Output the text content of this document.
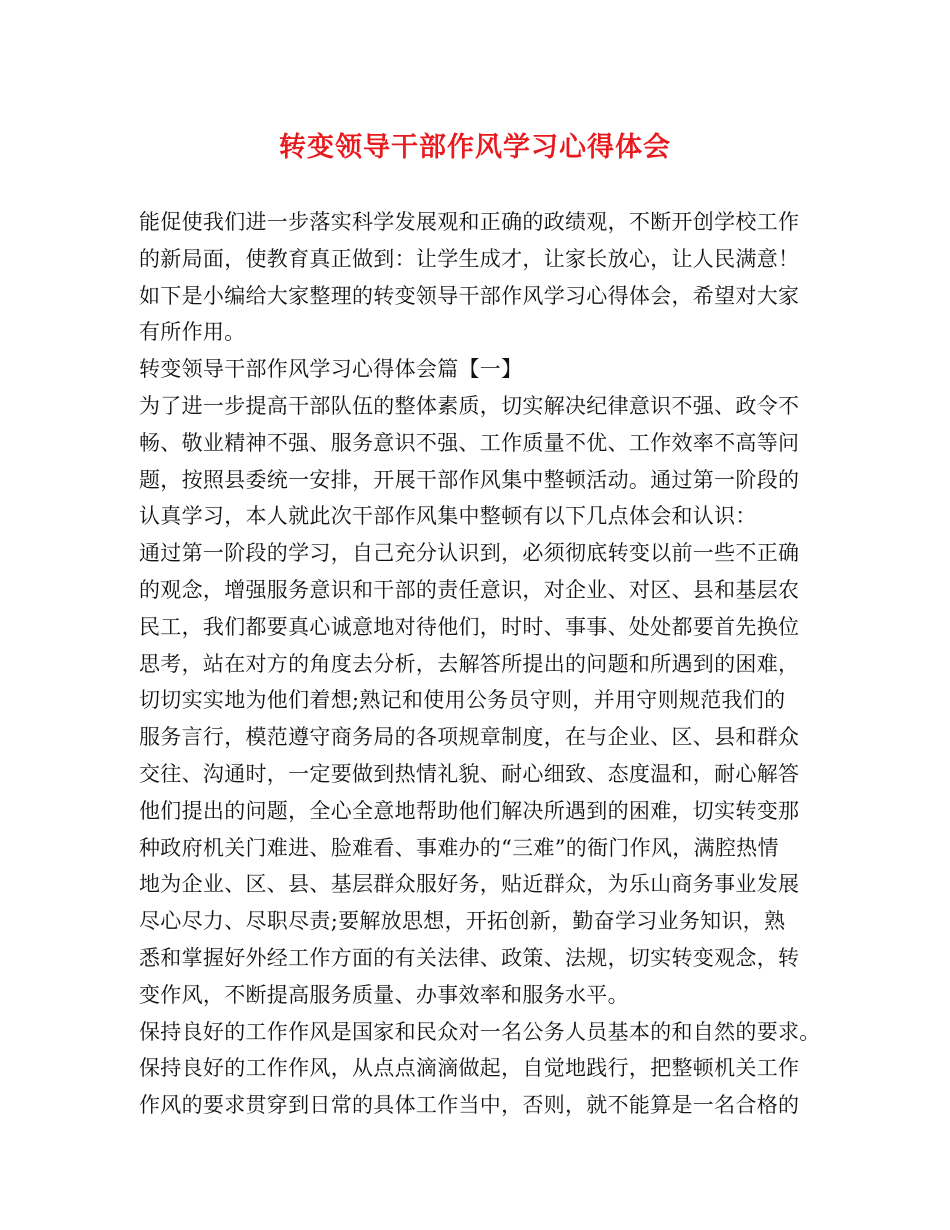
转变领导干部作风学习心得体会
能促使我们进一步落实科学发展观和正确的政绩观，不断开创学校工作
的新局面，使教育真正做到：让学生成才，让家长放心，让人民满意！
如下是小编给大家整理的转变领导干部作风学习心得体会，希望对大家
有所作用。
转变领导干部作风学习心得体会篇【一】
为了进一步提高干部队伍的整体素质，切实解决纪律意识不强、政令不
畅、敬业精神不强、服务意识不强、工作质量不优、工作效率不高等问
题，按照县委统一安排，开展干部作风集中整顿活动。通过第一阶段的
认真学习，本人就此次干部作风集中整顿有以下几点体会和认识：
通过第一阶段的学习，自己充分认识到，必须彻底转变以前一些不正确
的观念，增强服务意识和干部的责任意识，对企业、对区、县和基层农
民工，我们都要真心诚意地对待他们，时时、事事、处处都要首先换位
思考，站在对方的角度去分析，去解答所提出的问题和所遇到的困难，
切切实实地为他们着想;熟记和使用公务员守则，并用守则规范我们的
服务言行，模范遵守商务局的各项规章制度，在与企业、区、县和群众
交往、沟通时，一定要做到热情礼貌、耐心细致、态度温和，耐心解答
他们提出的问题，全心全意地帮助他们解决所遇到的困难，切实转变那
种政府机关门难进、脸难看、事难办的“三难”的衙门作风，满腔热情
地为企业、区、县、基层群众服好务，贴近群众，为乐山商务事业发展
尽心尽力、尽职尽责;要解放思想，开拓创新，勤奋学习业务知识，熟
悉和掌握好外经工作方面的有关法律、政策、法规，切实转变观念，转
变作风，不断提高服务质量、办事效率和服务水平。
保持良好的工作作风是国家和民众对一名公务人员基本的和自然的要求。
保持良好的工作作风，从点点滴滴做起，自觉地践行，把整顿机关工作
作风的要求贯穿到日常的具体工作当中，否则，就不能算是一名合格的
